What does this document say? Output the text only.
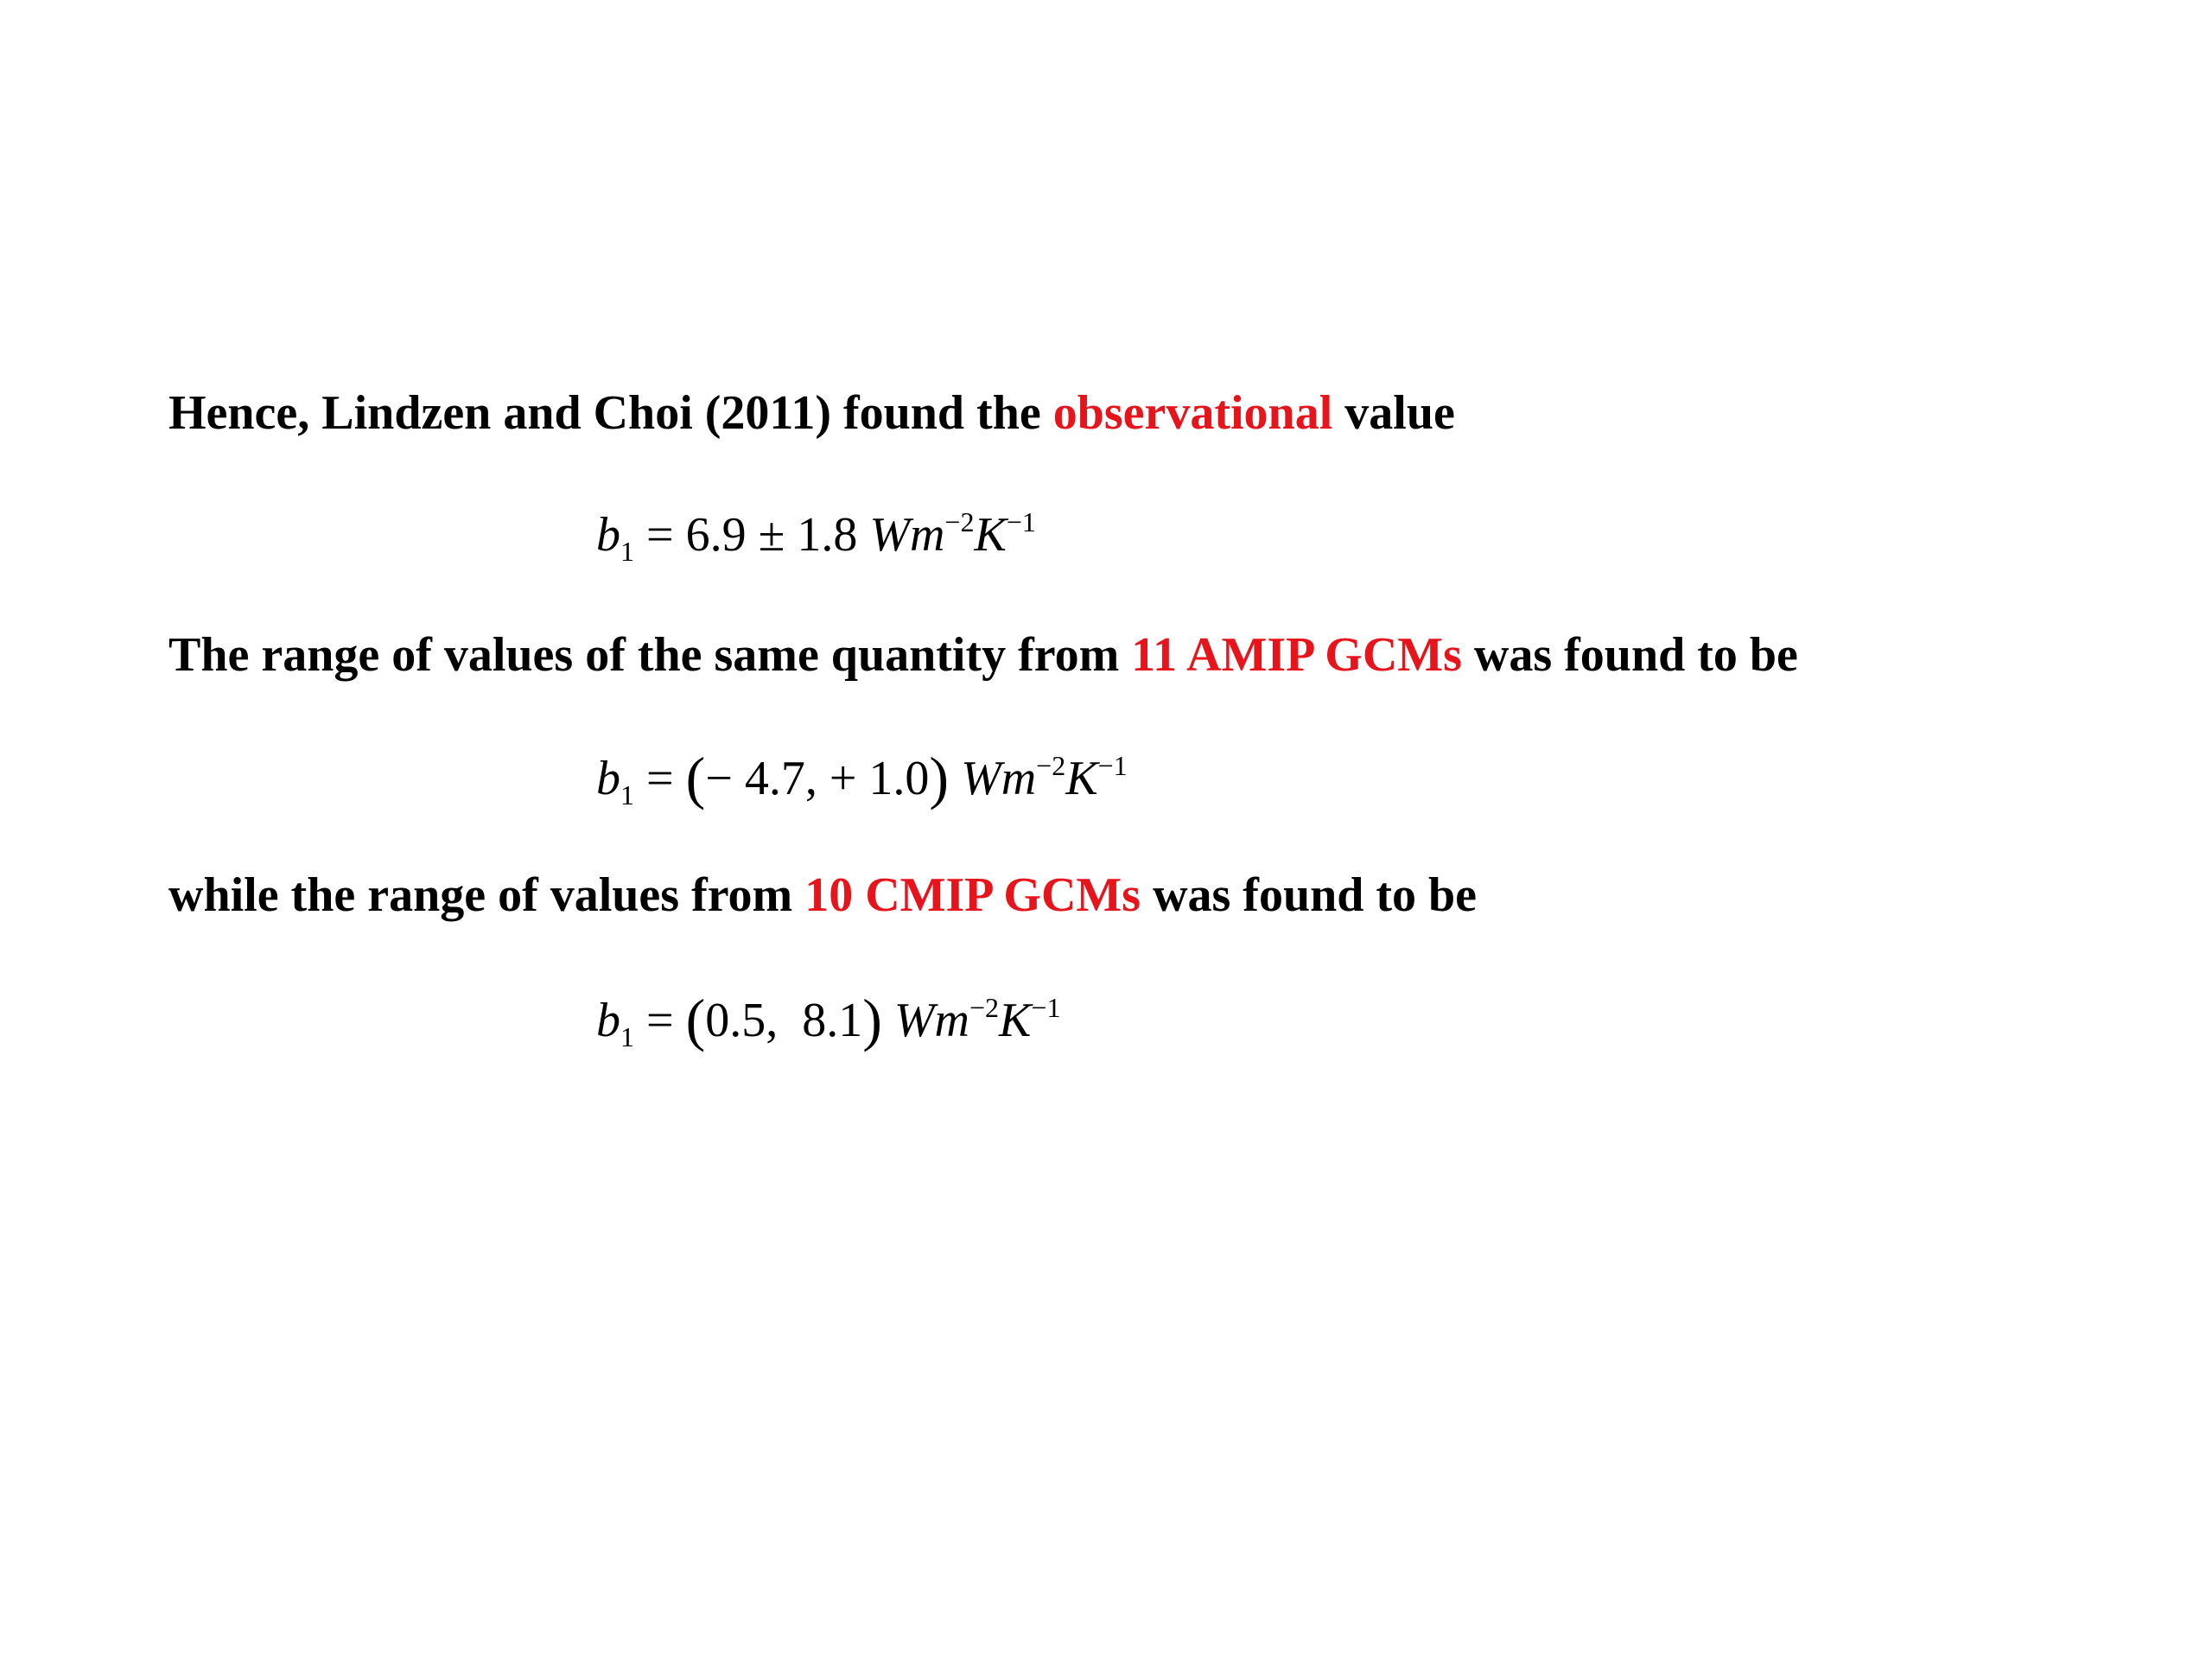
Hence, Lindzen and Choi (2011) found the observational value
$b_1 = 6.9 \pm 1.8$ $Wm^{-2}K^{-1}$
The range of values of the same quantity from 11 AMIP GCMs was found to be
$b_1$ = (− 4.7, + 1.0) $Wm^{-2}K^{-1}$
while the range of values from 10 CMIP GCMs was found to be
$b_1 = (0.5$,  8.1) $Wm^{-2}K^{-1}$
